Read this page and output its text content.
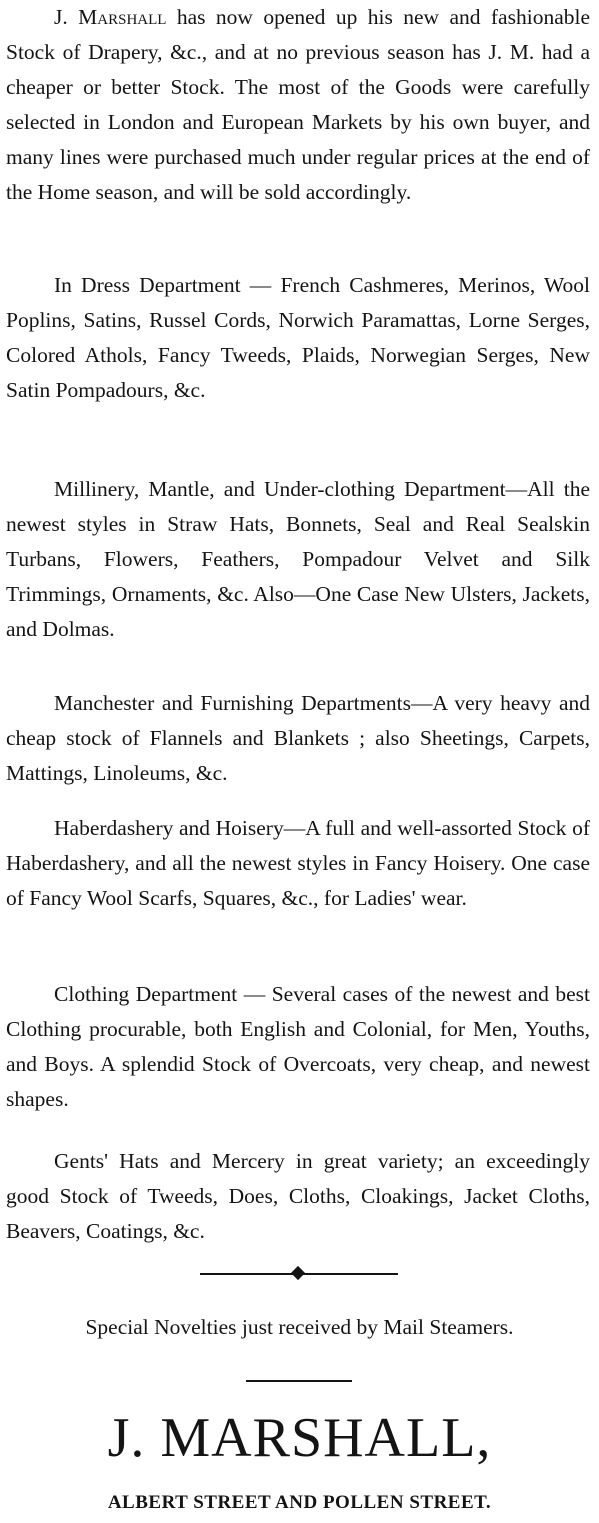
J. Marshall has now opened up his new and fashionable Stock of Drapery, &c., and at no previous season has J. M. had a cheaper or better Stock. The most of the Goods were carefully selected in London and European Markets by his own buyer, and many lines were purchased much under regular prices at the end of the Home season, and will be sold accordingly.

In Dress Department — French Cashmeres, Merinos, Wool Poplins, Satins, Russel Cords, Norwich Paramattas, Lorne Serges, Colored Athols, Fancy Tweeds, Plaids, Norwegian Serges, New Satin Pompadours, &c.

Millinery, Mantle, and Under-clothing Department—All the newest styles in Straw Hats, Bonnets, Seal and Real Sealskin Turbans, Flowers, Feathers, Pompadour Velvet and Silk Trimmings, Ornaments, &c. Also—One Case New Ulsters, Jackets, and Dolmas.

Manchester and Furnishing Departments—A very heavy and cheap stock of Flannels and Blankets ; also Sheetings, Carpets, Mattings, Linoleums, &c.

Haberdashery and Hoisery—A full and well-assorted Stock of Haberdashery, and all the newest styles in Fancy Hoisery. One case of Fancy Wool Scarfs, Squares, &c., for Ladies' wear.

Clothing Department — Several cases of the newest and best Clothing procurable, both English and Colonial, for Men, Youths, and Boys. A splendid Stock of Overcoats, very cheap, and newest shapes.

Gents' Hats and Mercery in great variety; an exceedingly good Stock of Tweeds, Does, Cloths, Cloakings, Jacket Cloths, Beavers, Coatings, &c.

Special Novelties just received by Mail Steamers.
J. MARSHALL,
ALBERT STREET AND POLLEN STREET.
